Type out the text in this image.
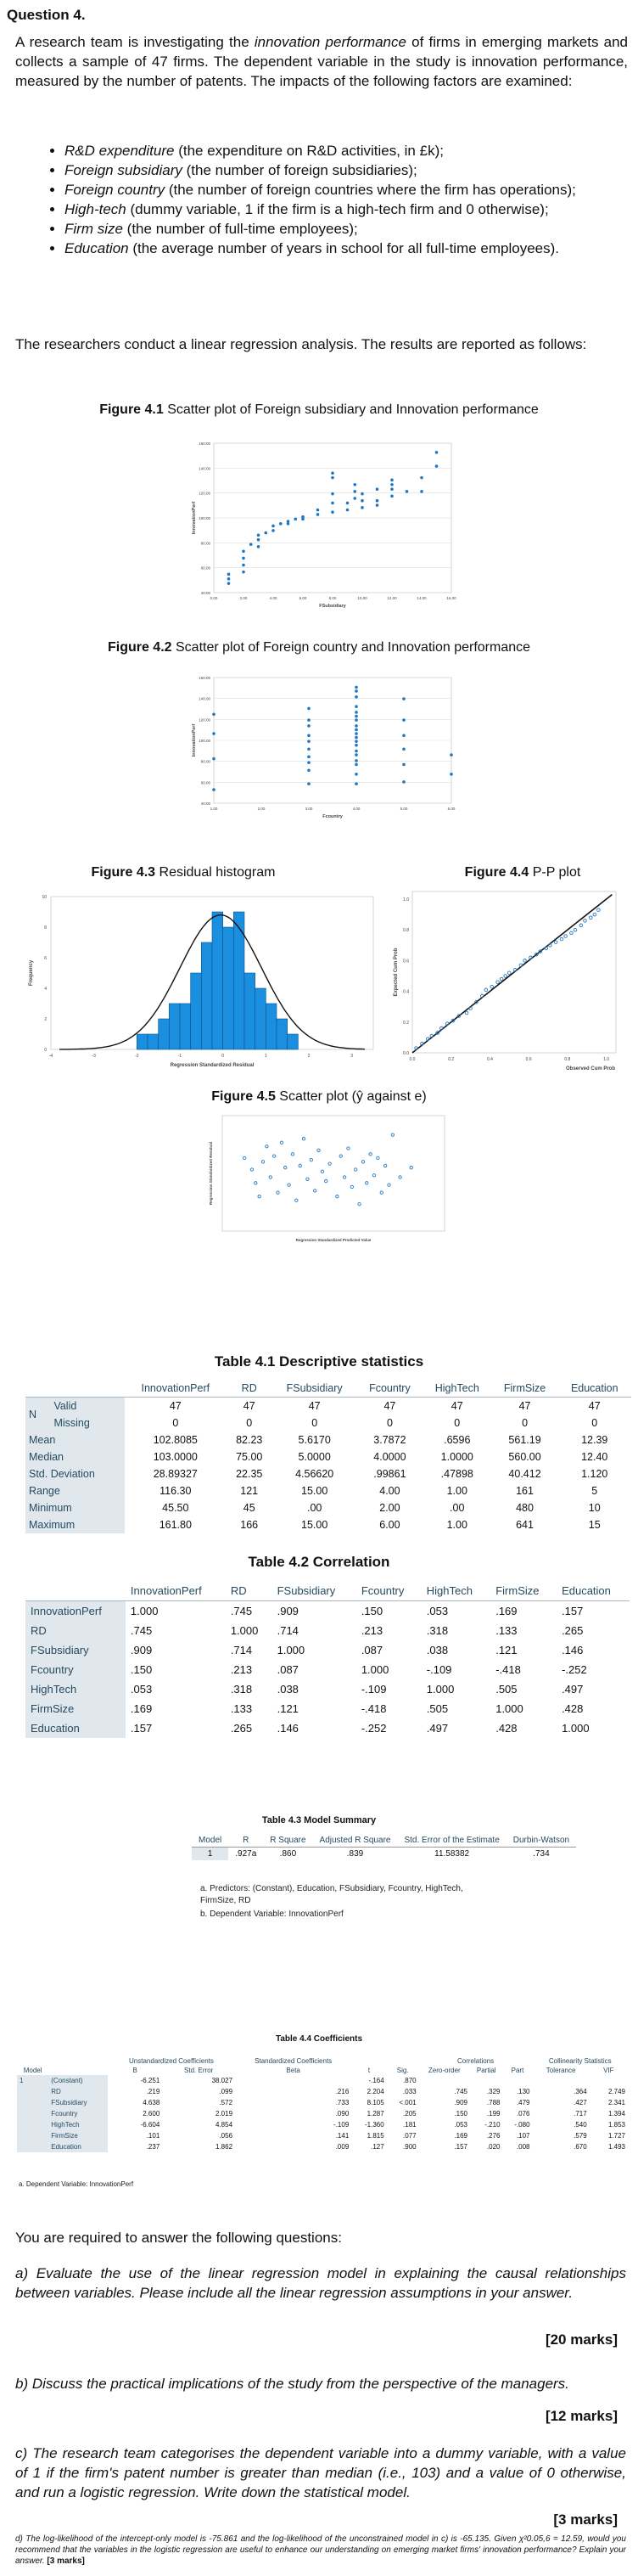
Question 4.
A research team is investigating the innovation performance of firms in emerging markets and collects a sample of 47 firms. The dependent variable in the study is innovation performance, measured by the number of patents. The impacts of the following factors are examined:
• R&D expenditure (the expenditure on R&D activities, in £k);
• Foreign subsidiary (the number of foreign subsidiaries);
• Foreign country (the number of foreign countries where the firm has operations);
• High-tech (dummy variable, 1 if the firm is a high-tech firm and 0 otherwise);
• Firm size (the number of full-time employees);
• Education (the average number of years in school for all full-time employees).
The researchers conduct a linear regression analysis. The results are reported as follows:
Figure 4.1 Scatter plot of Foreign subsidiary and Innovation performance
40.00
60.00
80.00
100.00
120.00
140.00
160.00
0.00	2.00	4.00	6.00	8.00	10.00	12.00	14.00	16.00
FSubsidiary
InnovationPerf
Figure 4.2 Scatter plot of Foreign country and Innovation performance
40.00
60.00
80.00
100.00
120.00
140.00
160.00
1.00	2.00	3.00	4.00	5.00	6.00
Fcountry
InnovationPerf
Figure 4.3 Residual histogram	Figure 4.4 P-P plot
0
2
4
6
8
10
-4	-3	-2	-1	0	1	2	3
Regression Standardized Residual
Frequency
0.0
0.2
0.4
0.6
0.8
1.0
0.0	0.2	0.4	0.6	0.8	1.0
Observed Cum Prob
Expected Cum Prob
Figure 4.5 Scatter plot (ŷ against e)
Regression Standardized Predicted Value
Regression Standardized Residual
Table 4.1 Descriptive statistics
		InnovationPerf	RD	FSubsidiary	Fcountry	HighTech	FirmSize	Education
N	Valid	47	47	47	47	47	47	47
	Missing	0	0	0	0	0	0	0
Mean		102.8085	82.23	5.6170	3.7872	.6596	561.19	12.39
Median		103.0000	75.00	5.0000	4.0000	1.0000	560.00	12.40
Std. Deviation		28.89327	22.35	4.56620	.99861	.47898	40.412	1.120
Range		116.30	121	15.00	4.00	1.00	161	5
Minimum		45.50	45	.00	2.00	.00	480	10
Maximum		161.80	166	15.00	6.00	1.00	641	15
Table 4.2 Correlation
	InnovationPerf	RD	FSubsidiary	Fcountry	HighTech	FirmSize	Education
InnovationPerf	1.000	.745	.909	.150	.053	.169	.157
RD	.745	1.000	.714	.213	.318	.133	.265
FSubsidiary	.909	.714	1.000	.087	.038	.121	.146
Fcountry	.150	.213	.087	1.000	-.109	-.418	-.252
HighTech	.053	.318	.038	-.109	1.000	.505	.497
FirmSize	.169	.133	.121	-.418	.505	1.000	.428
Education	.157	.265	.146	-.252	.497	.428	1.000
Table 4.3 Model Summary
Model	R	R Square	Adjusted R Square	Std. Error of the Estimate	Durbin-Watson
1	.927a	.860	.839	11.58382	.734
a. Predictors: (Constant), Education, FSubsidiary, Fcountry, HighTech, FirmSize, RD
b. Dependent Variable: InnovationPerf
Table 4.4 Coefficients
		Unstandardized Coefficients		Standardized Coefficients			Correlations			Collinearity Statistics	
Model		B	Std. Error	Beta	t	Sig.	Zero-order	Partial	Part	Tolerance	VIF
1	(Constant)	-6.251	38.027		-.164	.870					
	RD	.219	.099	.216	2.204	.033	.745	.329	.130	.364	2.749
	FSubsidiary	4.638	.572	.733	8.105	<.001	.909	.788	.479	.427	2.341
	Fcountry	2.600	2.019	.090	1.287	.205	.150	.199	.076	.717	1.394
	HighTech	-6.604	4.854	-.109	-1.360	.181	.053	-.210	-.080	.540	1.853
	FirmSize	.101	.056	.141	1.815	.077	.169	.276	.107	.579	1.727
	Education	.237	1.862	.009	.127	.900	.157	.020	.008	.670	1.493
a. Dependent Variable: InnovationPerf
You are required to answer the following questions:
a) Evaluate the use of the linear regression model in explaining the causal relationships between variables. Please include all the linear regression assumptions in your answer.
[20 marks]
b) Discuss the practical implications of the study from the perspective of the managers.
[12 marks]
c) The research team categorises the dependent variable into a dummy variable, with a value of 1 if the firm's patent number is greater than median (i.e., 103) and a value of 0 otherwise, and run a logistic regression. Write down the statistical model.
[3 marks]
d) The log-likelihood of the intercept-only model is -75.861 and the log-likelihood of the unconstrained model in c) is -65.135. Given χ²0.05,6 = 12.59, would you recommend that the variables in the logistic regression are useful to enhance our understanding on emerging market firms' innovation performance? Explain your answer. [3 marks]
